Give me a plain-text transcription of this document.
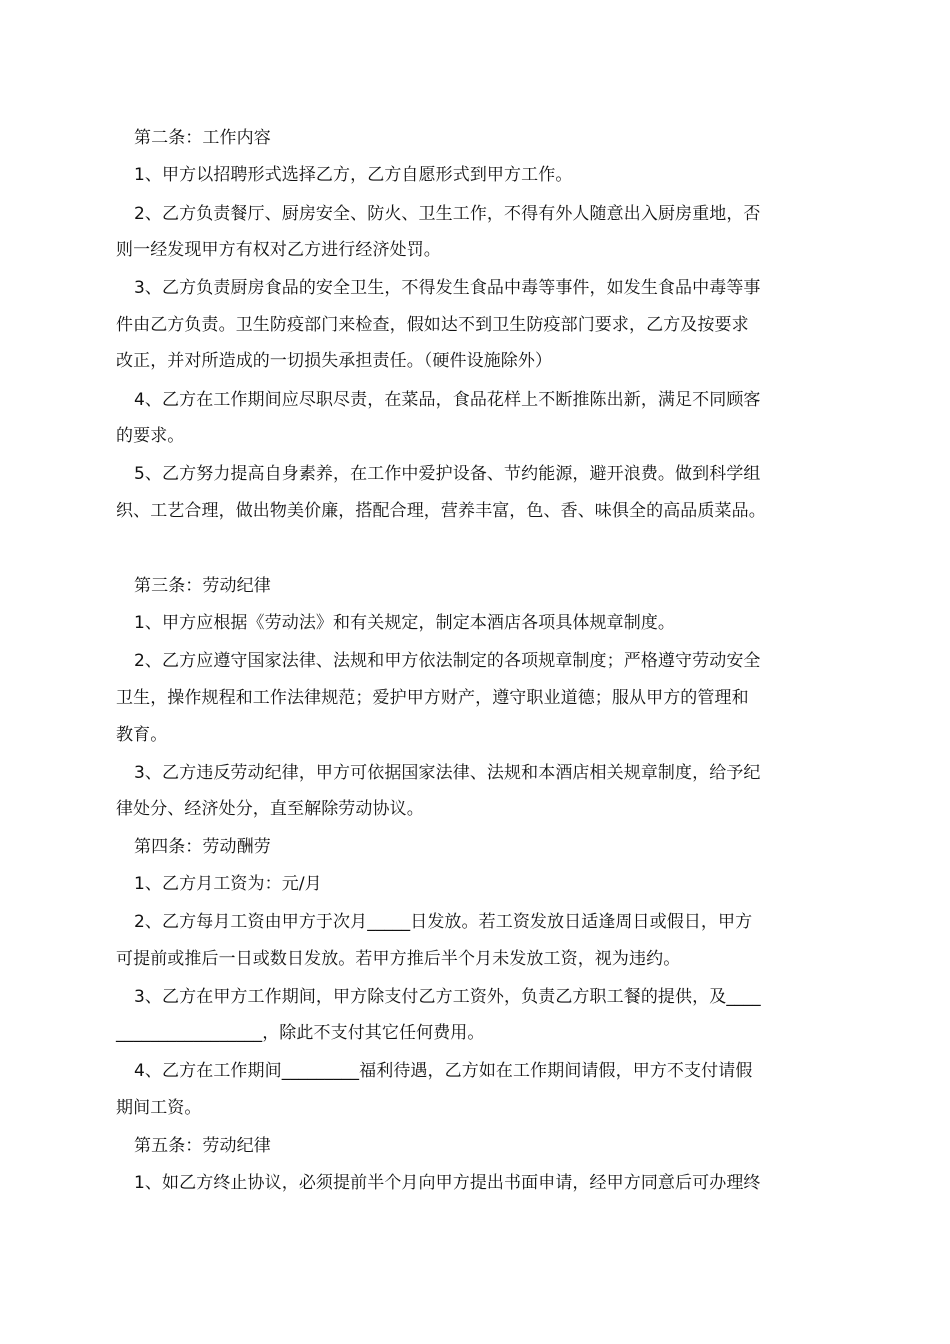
第二条：工作内容
1、甲方以招聘形式选择乙方，乙方自愿形式到甲方工作。
2、乙方负责餐厅、厨房安全、防火、卫生工作，不得有外人随意出入厨房重地，否
则一经发现甲方有权对乙方进行经济处罚。
3、乙方负责厨房食品的安全卫生，不得发生食品中毒等事件，如发生食品中毒等事
件由乙方负责。卫生防疫部门来检查，假如达不到卫生防疫部门要求，乙方及按要求
改正，并对所造成的一切损失承担责任。（硬件设施除外）
4、乙方在工作期间应尽职尽责，在菜品，食品花样上不断推陈出新，满足不同顾客
的要求。
5、乙方努力提高自身素养，在工作中爱护设备、节约能源，避开浪费。做到科学组
织、工艺合理，做出物美价廉，搭配合理，营养丰富，色、香、味俱全的高品质菜品。
第三条：劳动纪律
1、甲方应根据《劳动法》和有关规定，制定本酒店各项具体规章制度。
2、乙方应遵守国家法律、法规和甲方依法制定的各项规章制度；严格遵守劳动安全
卫生，操作规程和工作法律规范；爱护甲方财产，遵守职业道德；服从甲方的管理和
教育。
3、乙方违反劳动纪律，甲方可依据国家法律、法规和本酒店相关规章制度，给予纪
律处分、经济处分，直至解除劳动协议。
第四条：劳动酬劳
1、乙方月工资为：元/月
2、乙方每月工资由甲方于次月_____日发放。若工资发放日适逢周日或假日，甲方
可提前或推后一日或数日发放。若甲方推后半个月未发放工资，视为违约。
3、乙方在甲方工作期间，甲方除支付乙方工资外，负责乙方职工餐的提供，及____
_________________，除此不支付其它任何费用。
4、乙方在工作期间_________福利待遇，乙方如在工作期间请假，甲方不支付请假
期间工资。
第五条：劳动纪律
1、如乙方终止协议，必须提前半个月向甲方提出书面申请，经甲方同意后可办理终
